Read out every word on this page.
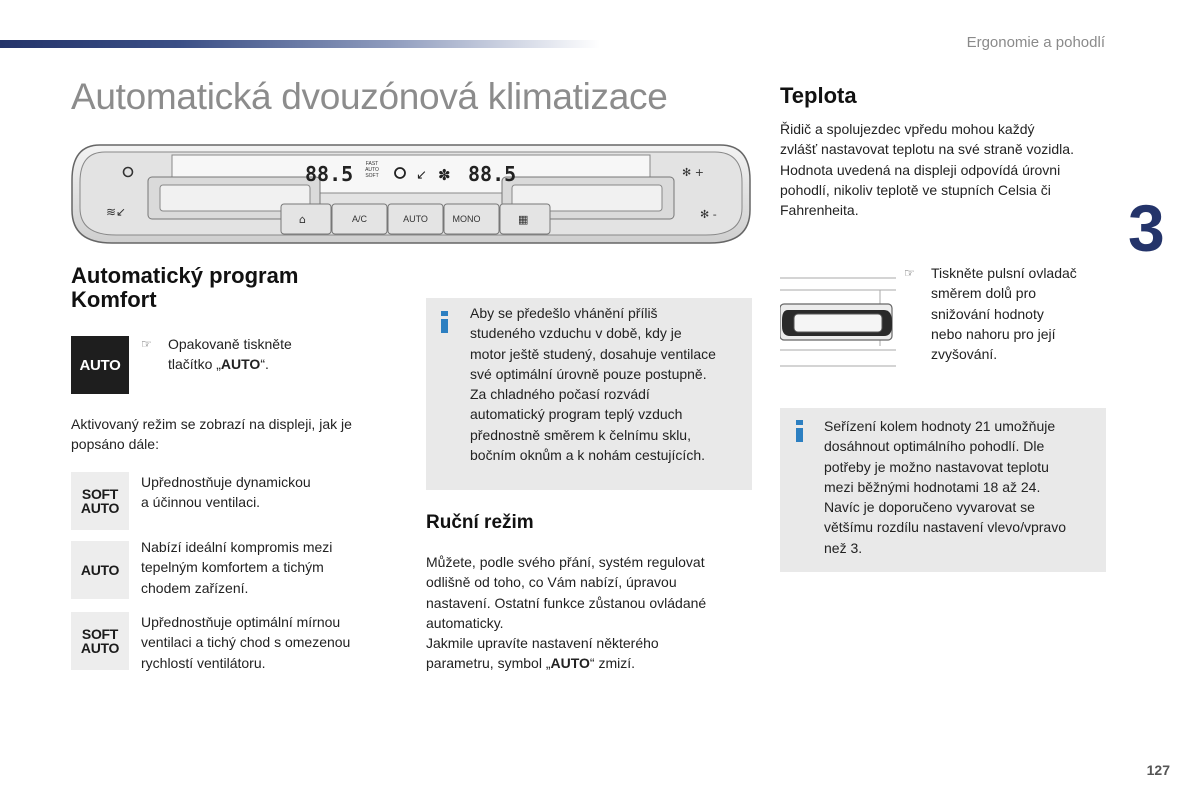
Ergonomie a pohodlí
3
Automatická dvouzónová klimatizace
≋↙
✻ +
✻ -
↙ ✽
⌂	▦
88.5	88.5
FAST
AUTO
SOFT
A/C	AUTO	MONO
Automatický program
Komfort
AUTO
☞ Opakovaně tiskněte
tlačítko „AUTO“.
Aktivovaný režim se zobrazí na displeji, jak je
popsáno dále:
SOFT
AUTO
Upřednostňuje dynamickou
a účinnou ventilaci.
AUTO
Nabízí ideální kompromis mezi
tepelným komfortem a tichým
chodem zařízení.
SOFT
AUTO
Upřednostňuje optimální mírnou
ventilaci a tichý chod s omezenou
rychlostí ventilátoru.
Aby se předešlo vhánění příliš
studeného vzduchu v době, kdy je
motor ještě studený, dosahuje ventilace
své optimální úrovně pouze postupně.
Za chladného počasí rozvádí
automatický program teplý vzduch
přednostně směrem k čelnímu sklu,
bočním oknům a k nohám cestujících.
Ruční režim
Můžete, podle svého přání, systém regulovat
odlišně od toho, co Vám nabízí, úpravou
nastavení. Ostatní funkce zůstanou ovládané
automaticky.
Jakmile upravíte nastavení některého
parametru, symbol „AUTO“ zmizí.
Teplota
Řidič a spolujezdec vpředu mohou každý
zvlášť nastavovat teplotu na své straně vozidla.
Hodnota uvedená na displeji odpovídá úrovni
pohodlí, nikoliv teplotě ve stupních Celsia či
Fahrenheita.
☞ Tiskněte pulsní ovladač
směrem dolů pro
snižování hodnoty
nebo nahoru pro její
zvyšování.
Seřízení kolem hodnoty 21 umožňuje
dosáhnout optimálního pohodlí. Dle
potřeby je možno nastavovat teplotu
mezi běžnými hodnotami 18 až 24.
Navíc je doporučeno vyvarovat se
většímu rozdílu nastavení vlevo/vpravo
než 3.
127
